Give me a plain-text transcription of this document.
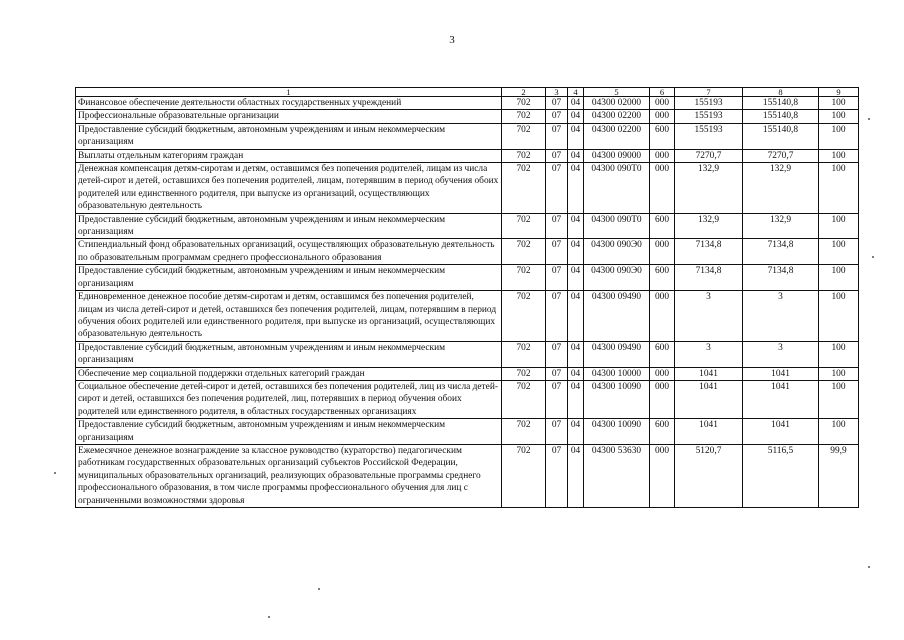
3
1	2	3	4	5	6	7	8	9
Финансовое обеспечение деятельности областных государственных учреждений	702	07	04	04300 02000	000	155193	155140,8	100
Профессиональные образовательные организации	702	07	04	04300 02200	000	155193	155140,8	100
Предоставление субсидий бюджетным, автономным учреждениям и иным некоммерческим организациям	702	07	04	04300 02200	600	155193	155140,8	100
Выплаты отдельным категориям граждан	702	07	04	04300 09000	000	7270,7	7270,7	100
Денежная компенсация детям-сиротам и детям, оставшимся без попечения родителей, лицам из числа детей-сирот и детей, оставшихся без попечения родителей, лицам, потерявшим в период обучения обоих родителей или единственного родителя, при выпуске из организаций, осуществляющих образовательную деятельность	702	07	04	04300 090Т0	000	132,9	132,9	100
Предоставление субсидий бюджетным, автономным учреждениям и иным некоммерческим организациям	702	07	04	04300 090Т0	600	132,9	132,9	100
Стипендиальный фонд образовательных организаций, осуществляющих образовательную деятельность по образовательным программам среднего профессионального образования	702	07	04	04300 090Э0	000	7134,8	7134,8	100
Предоставление субсидий бюджетным, автономным учреждениям и иным некоммерческим организациям	702	07	04	04300 090Э0	600	7134,8	7134,8	100
Единовременное денежное пособие детям-сиротам и детям, оставшимся без попечения родителей, лицам из числа детей-сирот и детей, оставшихся без попечения родителей, лицам, потерявшим в период обучения обоих родителей или единственного родителя, при выпуске из организаций, осуществляющих образовательную деятельность	702	07	04	04300 09490	000	3	3	100
Предоставление субсидий бюджетным, автономным учреждениям и иным некоммерческим организациям	702	07	04	04300 09490	600	3	3	100
Обеспечение мер социальной поддержки отдельных категорий граждан	702	07	04	04300 10000	000	1041	1041	100
Социальное обеспечение детей-сирот и детей, оставшихся без попечения родителей, лиц из числа детей-сирот и детей, оставшихся без попечения родителей, лиц, потерявших в период обучения обоих родителей или единственного родителя, в областных государственных организациях	702	07	04	04300 10090	000	1041	1041	100
Предоставление субсидий бюджетным, автономным учреждениям и иным некоммерческим организациям	702	07	04	04300 10090	600	1041	1041	100
Ежемесячное денежное вознаграждение за классное руководство (кураторство) педагогическим работникам государственных образовательных организаций субъектов Российской Федерации, муниципальных образовательных организаций, реализующих образовательные программы среднего профессионального образования, в том числе программы профессионального обучения для лиц с ограниченными возможностями здоровья	702	07	04	04300 53630	000	5120,7	5116,5	99,9
